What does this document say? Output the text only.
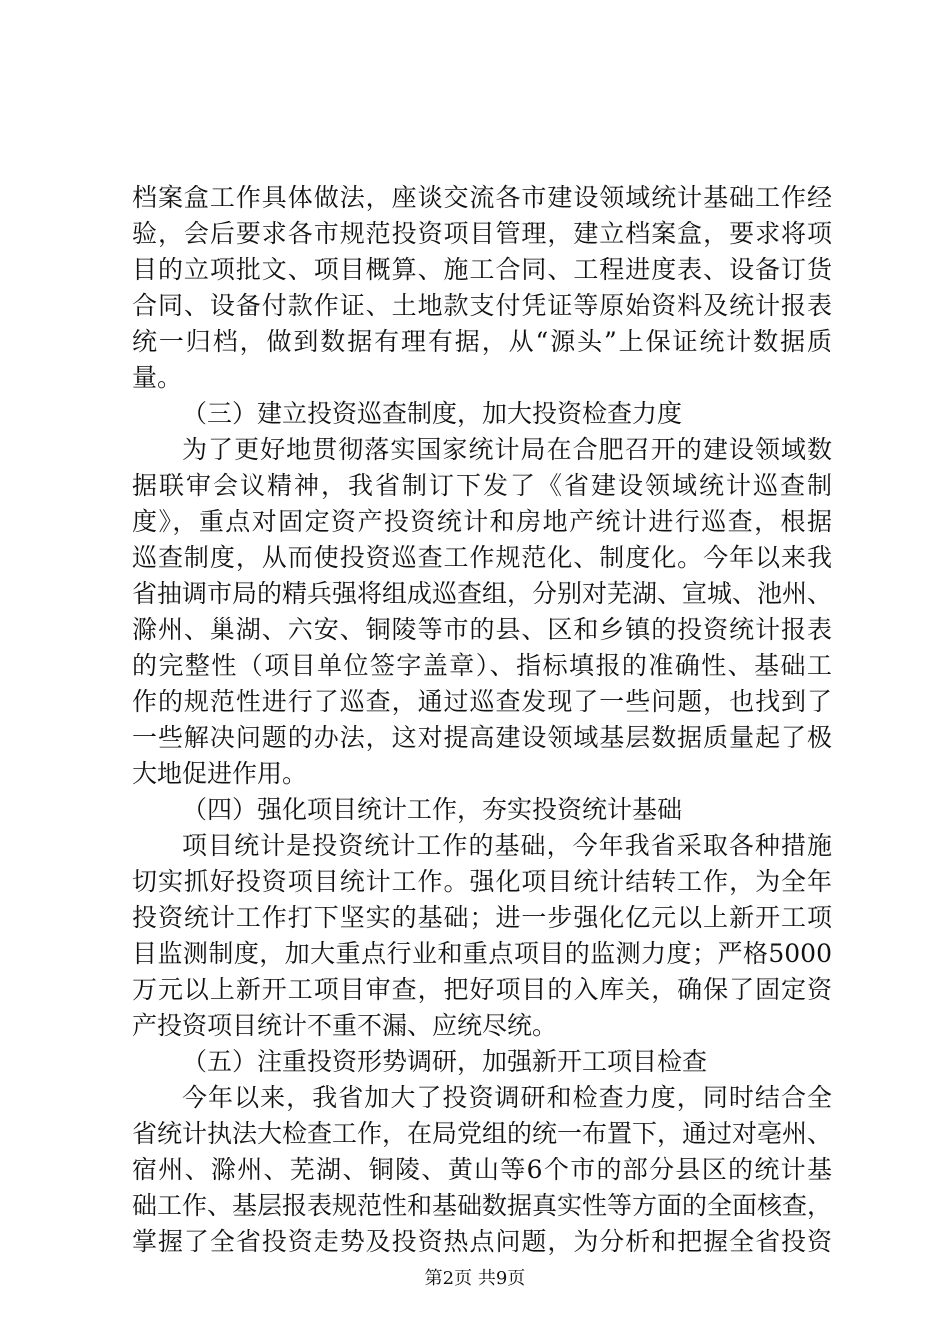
档案盒工作具体做法，座谈交流各市建设领域统计基础工作经
验，会后要求各市规范投资项目管理，建立档案盒，要求将项
目的立项批文、项目概算、施工合同、工程进度表、设备订货
合同、设备付款作证、土地款支付凭证等原始资料及统计报表
统一归档，做到数据有理有据，从“源头”上保证统计数据质
量。
（三）建立投资巡查制度，加大投资检查力度
为了更好地贯彻落实国家统计局在合肥召开的建设领域数
据联审会议精神，我省制订下发了《省建设领域统计巡查制
度》，重点对固定资产投资统计和房地产统计进行巡查，根据
巡查制度，从而使投资巡查工作规范化、制度化。今年以来我
省抽调市局的精兵强将组成巡查组，分别对芜湖、宣城、池州、
滁州、巢湖、六安、铜陵等市的县、区和乡镇的投资统计报表
的完整性（项目单位签字盖章）、指标填报的准确性、基础工
作的规范性进行了巡查，通过巡查发现了一些问题，也找到了
一些解决问题的办法，这对提高建设领域基层数据质量起了极
大地促进作用。
（四）强化项目统计工作，夯实投资统计基础
项目统计是投资统计工作的基础，今年我省采取各种措施
切实抓好投资项目统计工作。强化项目统计结转工作，为全年
投资统计工作打下坚实的基础；进一步强化亿元以上新开工项
目监测制度，加大重点行业和重点项目的监测力度；严格5000
万元以上新开工项目审查，把好项目的入库关，确保了固定资
产投资项目统计不重不漏、应统尽统。
（五）注重投资形势调研，加强新开工项目检查
今年以来，我省加大了投资调研和检查力度，同时结合全
省统计执法大检查工作，在局党组的统一布置下，通过对亳州、
宿州、滁州、芜湖、铜陵、黄山等6个市的部分县区的统计基
础工作、基层报表规范性和基础数据真实性等方面的全面核查，
掌握了全省投资走势及投资热点问题，为分析和把握全省投资
第2页 共9页
